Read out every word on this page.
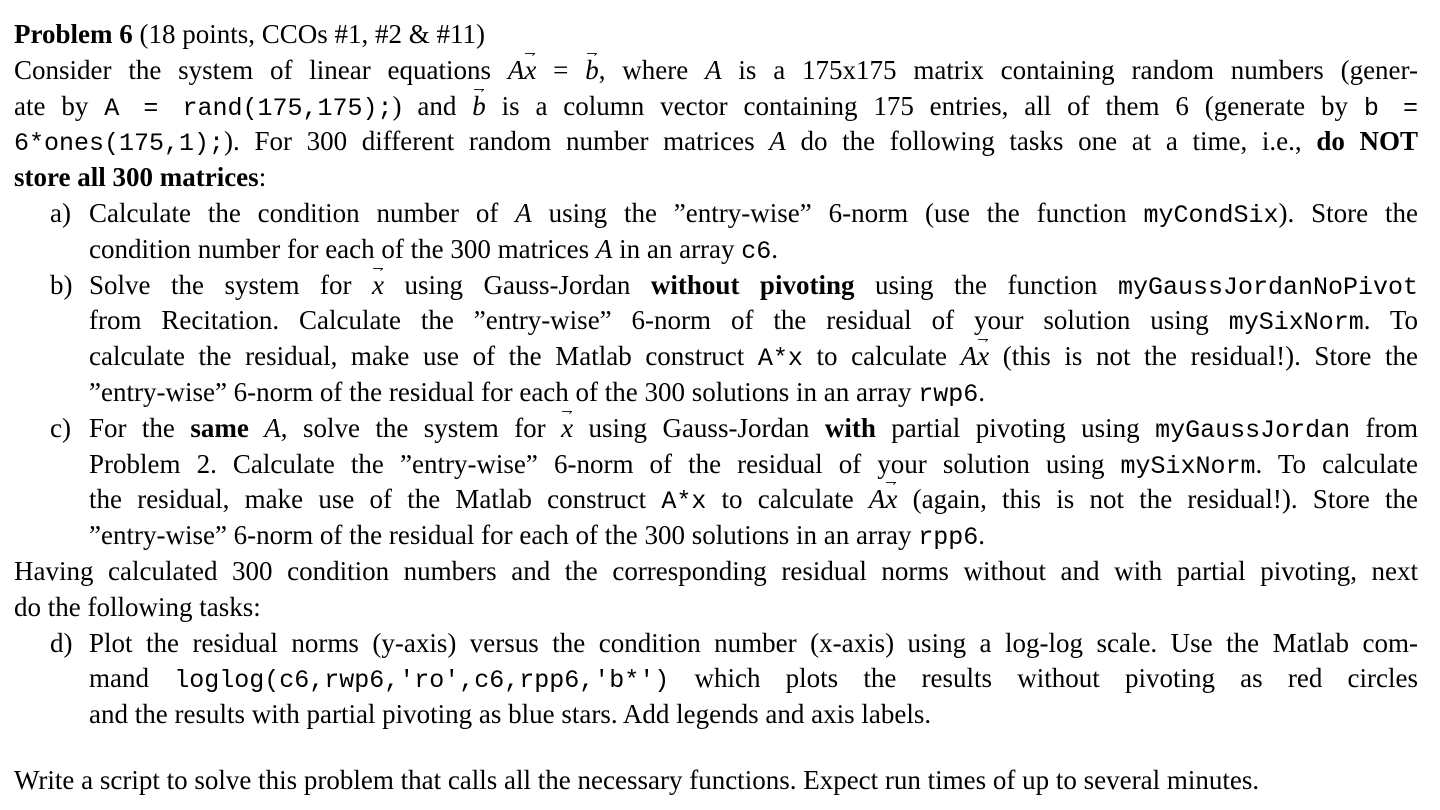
Problem 6 (18 points, CCOs #1, #2 & #11)
Consider the system of linear equations A→ x = → b, where A is a 175x175 matrix containing random numbers (gener-
ate by A = rand(175,175);) and → b is a column vector containing 175 entries, all of them 6 (generate by b =
6*ones(175,1);). For 300 different random number matrices A do the following tasks one at a time, i.e., do NOT
store all 300 matrices:
a) Calculate the condition number of A using the ”entry-wise” 6-norm (use the function myCondSix). Store the
condition number for each of the 300 matrices A in an array c6.
b) Solve the system for → x using Gauss-Jordan without pivoting using the function myGaussJordanNoPivot
from Recitation. Calculate the ”entry-wise” 6-norm of the residual of your solution using mySixNorm. To
calculate the residual, make use of the Matlab construct A*x to calculate A→ x (this is not the residual!). Store the
”entry-wise” 6-norm of the residual for each of the 300 solutions in an array rwp6.
c) For the same A, solve the system for → x using Gauss-Jordan with partial pivoting using myGaussJordan from
Problem 2. Calculate the ”entry-wise” 6-norm of the residual of your solution using mySixNorm. To calculate
the residual, make use of the Matlab construct A*x to calculate A→ x (again, this is not the residual!). Store the
”entry-wise” 6-norm of the residual for each of the 300 solutions in an array rpp6.
Having calculated 300 condition numbers and the corresponding residual norms without and with partial pivoting, next
do the following tasks:
d) Plot the residual norms (y-axis) versus the condition number (x-axis) using a log-log scale. Use the Matlab com-
mand loglog(c6,rwp6,'ro',c6,rpp6,'b*') which plots the results without pivoting as red circles
and the results with partial pivoting as blue stars. Add legends and axis labels.
Write a script to solve this problem that calls all the necessary functions. Expect run times of up to several minutes.
